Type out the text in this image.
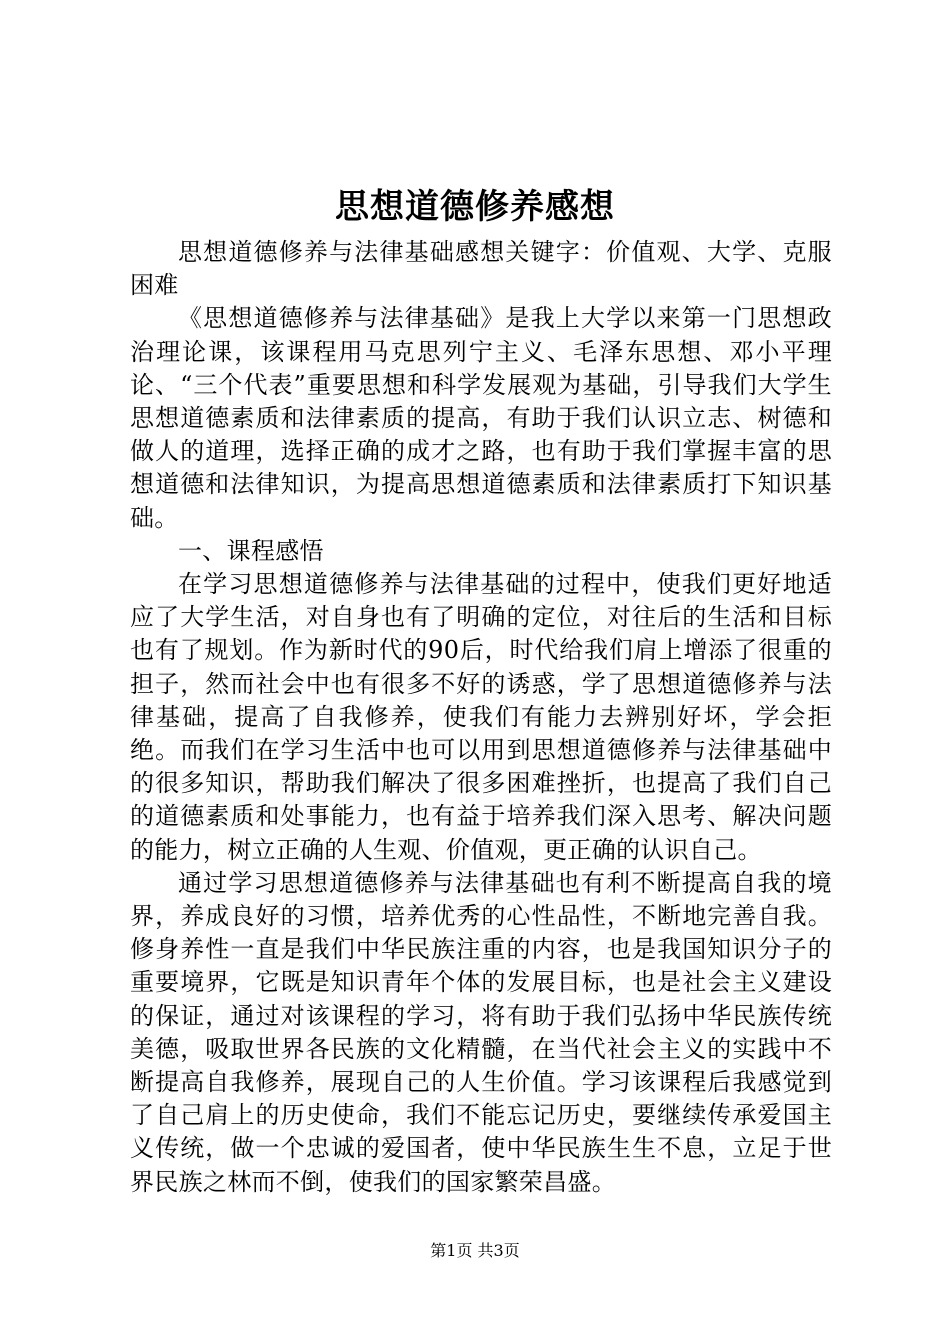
思想道德修养感想

思想道德修养与法律基础感想关键字：价值观、大学、克服困难

《思想道德修养与法律基础》是我上大学以来第一门思想政治理论课，该课程用马克思列宁主义、毛泽东思想、邓小平理论、“三个代表”重要思想和科学发展观为基础，引导我们大学生思想道德素质和法律素质的提高，有助于我们认识立志、树德和做人的道理，选择正确的成才之路，也有助于我们掌握丰富的思想道德和法律知识，为提高思想道德素质和法律素质打下知识基础。

一、课程感悟

在学习思想道德修养与法律基础的过程中，使我们更好地适应了大学生活，对自身也有了明确的定位，对往后的生活和目标也有了规划。作为新时代的90后，时代给我们肩上增添了很重的担子，然而社会中也有很多不好的诱惑，学了思想道德修养与法律基础，提高了自我修养，使我们有能力去辨别好坏，学会拒绝。而我们在学习生活中也可以用到思想道德修养与法律基础中的很多知识，帮助我们解决了很多困难挫折，也提高了我们自己的道德素质和处事能力，也有益于培养我们深入思考、解决问题的能力，树立正确的人生观、价值观，更正确的认识自己。

通过学习思想道德修养与法律基础也有利不断提高自我的境界，养成良好的习惯，培养优秀的心性品性，不断地完善自我。修身养性一直是我们中华民族注重的内容，也是我国知识分子的重要境界，它既是知识青年个体的发展目标，也是社会主义建设的保证，通过对该课程的学习，将有助于我们弘扬中华民族传统美德，吸取世界各民族的文化精髓，在当代社会主义的实践中不断提高自我修养，展现自己的人生价值。学习该课程后我感觉到了自己肩上的历史使命，我们不能忘记历史，要继续传承爱国主义传统，做一个忠诚的爱国者，使中华民族生生不息，立足于世界民族之林而不倒，使我们的国家繁荣昌盛。

第1页 共3页
